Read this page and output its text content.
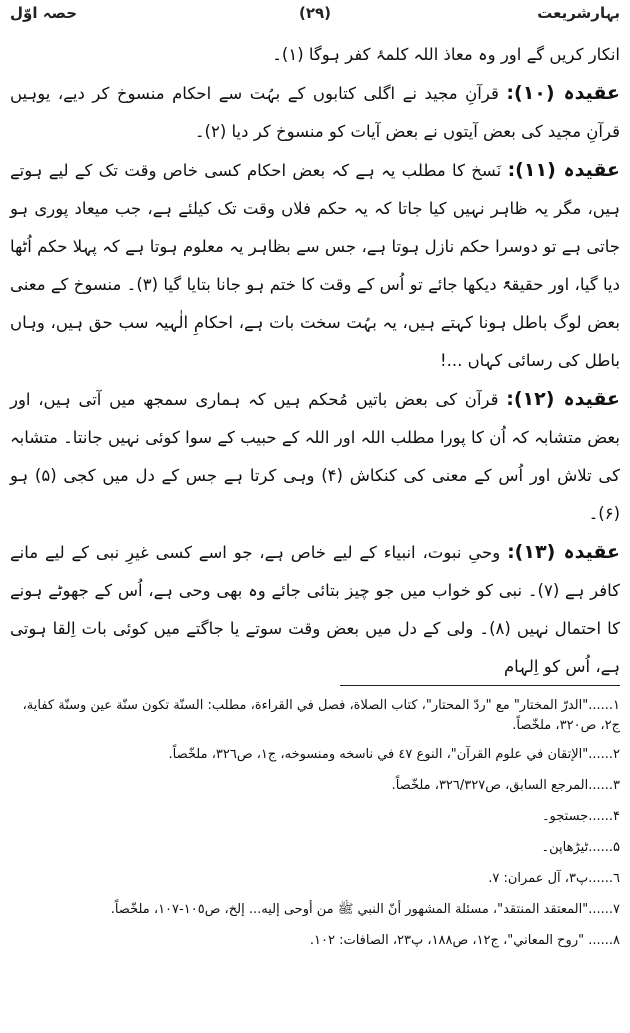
بہارشریعت
(۲۹)
حصہ اوّل

انکار کریں گے اور وہ معاذ اللہ کلمۂ کفر ہوگا (۱)۔

عقیدہ (۱۰): قرآنِ مجید نے اگلی کتابوں کے بہُت سے احکام منسوخ کر دیے، یوہیں قرآنِ مجید کی بعض آیتوں نے بعض آیات کو منسوخ کر دیا (۲)۔

عقیدہ (۱۱): نَسخ کا مطلب یہ ہے کہ بعض احکام کسی خاص وقت تک کے لیے ہوتے ہیں، مگر یہ ظاہر نہیں کیا جاتا کہ یہ حکم فلاں وقت تک کیلئے ہے، جب میعاد پوری ہو جاتی ہے تو دوسرا حکم نازل ہوتا ہے، جس سے بظاہر یہ معلوم ہوتا ہے کہ پہلا حکم اُٹھا دیا گیا، اور حقیقۃً دیکھا جائے تو اُس کے وقت کا ختم ہو جانا بتایا گیا (۳)۔ منسوخ کے معنی بعض لوگ باطل ہونا کہتے ہیں، یہ بہُت سخت بات ہے، احکامِ الٰہیہ سب حق ہیں، وہاں باطل کی رسائی کہاں ...!

عقیدہ (۱۲): قرآن کی بعض باتیں مُحکم ہیں کہ ہماری سمجھ میں آتی ہیں، اور بعض متشابہ کہ اُن کا پورا مطلب اللہ اور اللہ کے حبیب کے سوا کوئی نہیں جانتا۔ متشابہ کی تلاش اور اُس کے معنی کی کنکاش (۴) وہی کرتا ہے جس کے دل میں کجی (۵) ہو (۶)۔

عقیدہ (۱۳): وحیِ نبوت، انبیاء کے لیے خاص ہے، جو اسے کسی غیرِ نبی کے لیے مانے کافر ہے (۷)۔ نبی کو خواب میں جو چیز بتائی جائے وہ بھی وحی ہے، اُس کے جھوٹے ہونے کا احتمال نہیں (۸)۔ ولی کے دل میں بعض وقت سوتے یا جاگتے میں کوئی بات اِلقا ہوتی ہے، اُس کو اِلہام

١......"الدرّ المختار" مع "ردّ المحتار"، كتاب الصلاة، فصل في القراءة، مطلب: السنّة تكون سنّة عين وسنّة كفاية، ج٢، ص٣٢٠، ملخّصاً.
٢......"الإتقان في علوم القرآن"، النوع ٤٧ في ناسخه ومنسوخه، ج١، ص٣٢٦، ملخّصاً.
٣......المرجع السابق، ص٣٢٦/٣٢٧، ملخّصاً.
۴......جستجو۔
۵......ٹیڑھاپن۔
٦......پ٣، آل عمران: ٧.
٧......"المعتقد المنتقد"، مسئلة المشهور أنّ النبي ﷺ من أوحى إليه... إلخ، ص١٠٥-١٠٧، ملخّصاً.
٨...... "روح المعاني"، ج١٢، ص١٨٨، پ٢٣، الصافات: ١٠٢.
